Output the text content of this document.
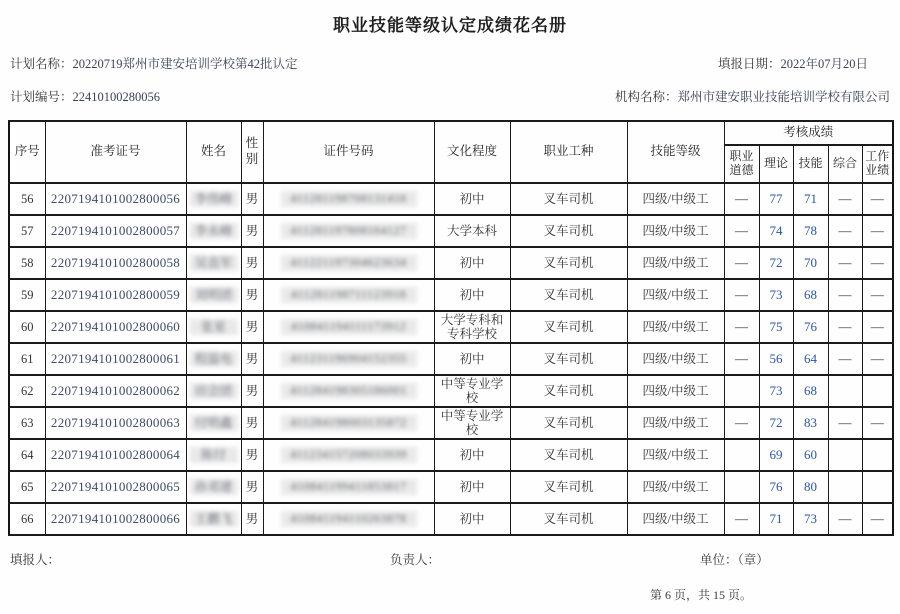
职业技能等级认定成绩花名册
计划名称：20220719郑州市建安培训学校第42批认定	填报日期：2022年07月20日
计划编号：22410100280056	机构名称：郑州市建安职业技能培训学校有限公司
序号	准考证号	姓名	性别	证件号码	文化程度	职业工种	技能等级	考核成绩				
								职业道德	理论	技能	综合	工作业绩
56	2207194101002800056	李伟峰	男	411281198708131418	初中	叉车司机	四级/中级工	—	77	71	—	—
57	2207194101002800057	李永峰	男	411281197808164127	大学本科	叉车司机	四级/中级工	—	74	78	—	—
58	2207194101002800058	吴直军	男	411221197304623634	初中	叉车司机	四级/中级工	—	72	70	—	—
59	2207194101002800059	刘明团	男	411281198711123918	初中	叉车司机	四级/中级工	—	73	68	—	—
60	2207194101002800060	张星	男	410841194111173912	大学专科和专科学校	叉车司机	四级/中级工	—	75	76	—	—
61	2207194101002800061	程温电	男	411231196904152355	初中	叉车司机	四级/中级工	—	56	64	—	—
62	2207194101002800062	田会团	男	411284198305186001	中等专业学校	叉车司机	四级/中级工		73	68		
63	2207194101002800063	付明鑫	男	411284198003135872	中等专业学校	叉车司机	四级/中级工	—	72	83	—	—
64	2207194101002800064	陈付	男	411234157208033939	初中	叉车司机	四级/中级工		69	60		
65	2207194101002800065	孙邓建	男	410841199411853817	初中	叉车司机	四级/中级工		76	80		
66	2207194101002800066	王鹏飞	男	410841194110263878	初中	叉车司机	四级/中级工	—	71	73	—	—
填报人：	负责人：	单位：（章）
第 6 页，共 15 页。
